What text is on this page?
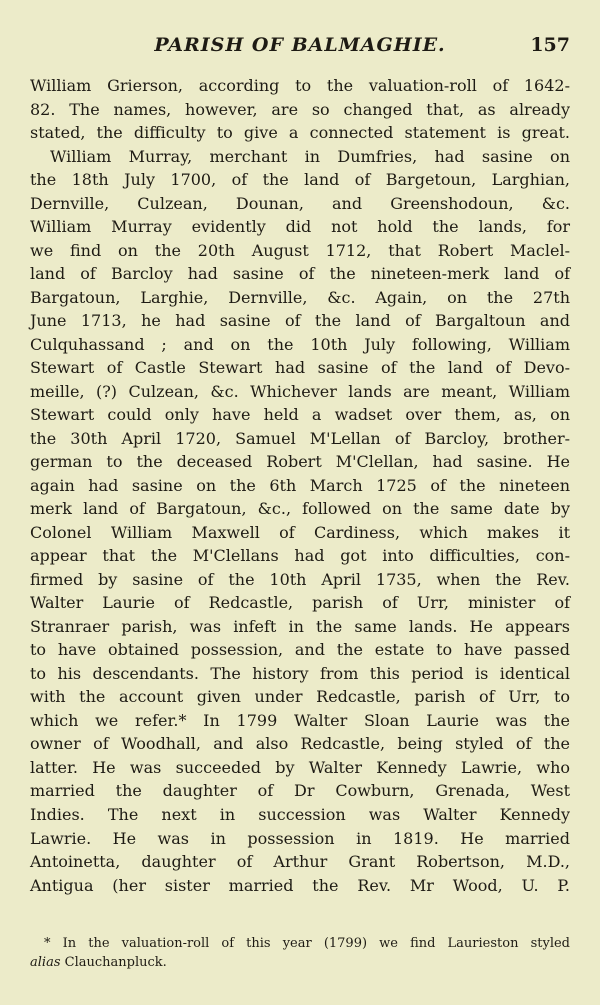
PARISH OF BALMAGHIE.	157
William Grierson, according to the valuation-roll of 1642-
82. The names, however, are so changed that, as already
stated, the difficulty to give a connected statement is great.
William Murray, merchant in Dumfries, had sasine on
the 18th July 1700, of the land of Bargetoun, Larghian,
Dernville, Culzean, Dounan, and Greenshodoun, &c.
William Murray evidently did not hold the lands, for
we find on the 20th August 1712, that Robert Maclel-
land of Barcloy had sasine of the nineteen-merk land of
Bargatoun, Larghie, Dernville, &c. Again, on the 27th
June 1713, he had sasine of the land of Bargaltoun and
Culquhassand ; and on the 10th July following, William
Stewart of Castle Stewart had sasine of the land of Devo-
meille, (?) Culzean, &c. Whichever lands are meant, William
Stewart could only have held a wadset over them, as, on
the 30th April 1720, Samuel M'Lellan of Barcloy, brother-
german to the deceased Robert M'Clellan, had sasine. He
again had sasine on the 6th March 1725 of the nineteen
merk land of Bargatoun, &c., followed on the same date by
Colonel William Maxwell of Cardiness, which makes it
appear that the M'Clellans had got into difficulties, con-
firmed by sasine of the 10th April 1735, when the Rev.
Walter Laurie of Redcastle, parish of Urr, minister of
Stranraer parish, was infeft in the same lands. He appears
to have obtained possession, and the estate to have passed
to his descendants. The history from this period is identical
with the account given under Redcastle, parish of Urr, to
which we refer.* In 1799 Walter Sloan Laurie was the
owner of Woodhall, and also Redcastle, being styled of the
latter. He was succeeded by Walter Kennedy Lawrie, who
married the daughter of Dr Cowburn, Grenada, West
Indies. The next in succession was Walter Kennedy
Lawrie. He was in possession in 1819. He married
Antoinetta, daughter of Arthur Grant Robertson, M.D.,
Antigua (her sister married the Rev. Mr Wood, U. P.
* In the valuation-roll of this year (1799) we find Laurieston styled
alias Clauchanpluck.
